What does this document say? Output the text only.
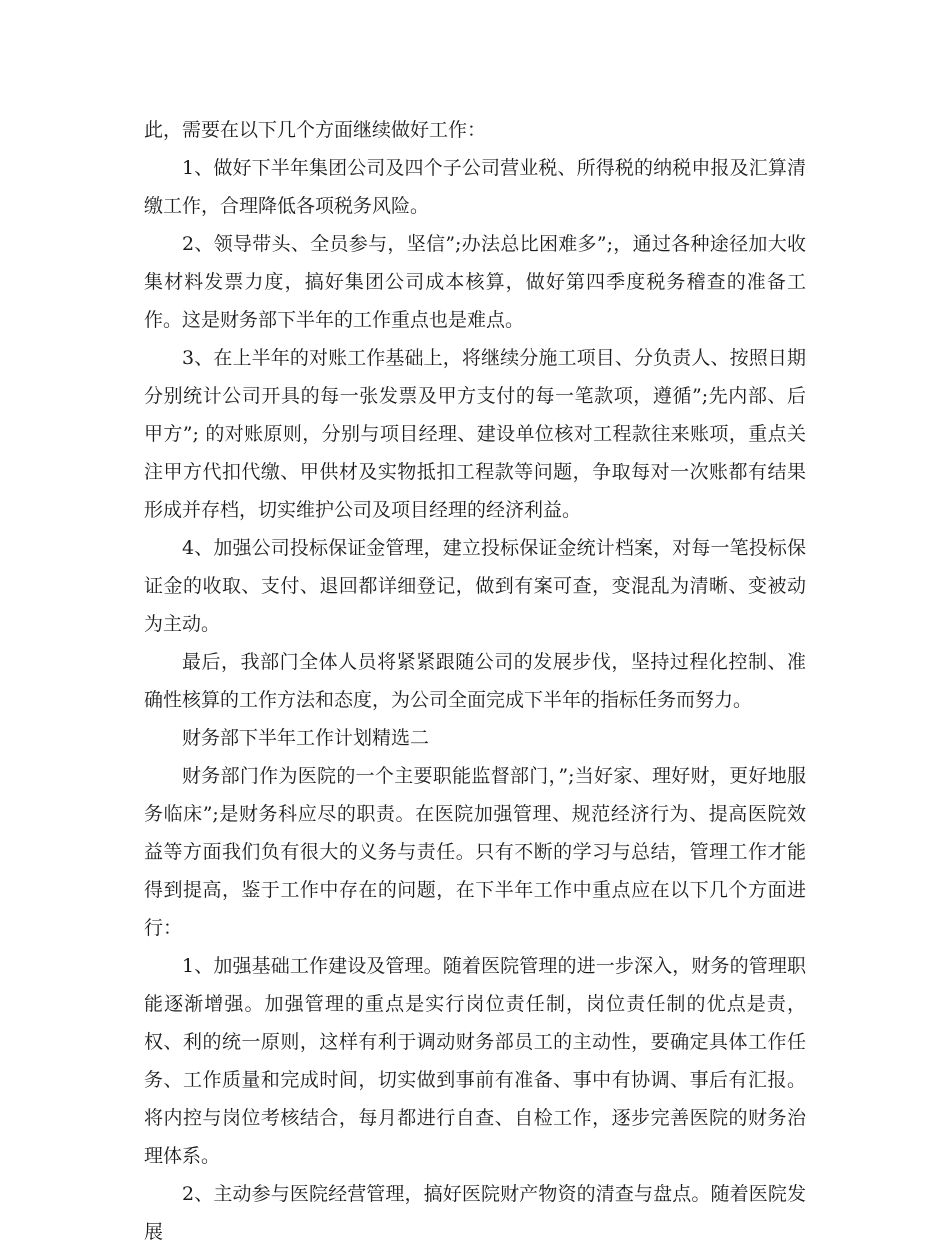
此，需要在以下几个方面继续做好工作：

1、做好下半年集团公司及四个子公司营业税、所得税的纳税申报及汇算清缴工作，合理降低各项税务风险。

2、领导带头、全员参与，坚信”;办法总比困难多”;，通过各种途径加大收集材料发票力度，搞好集团公司成本核算，做好第四季度税务稽查的准备工作。这是财务部下半年的工作重点也是难点。

3、在上半年的对账工作基础上，将继续分施工项目、分负责人、按照日期分别统计公司开具的每一张发票及甲方支付的每一笔款项，遵循”;先内部、后甲方”; 的对账原则，分别与项目经理、建设单位核对工程款往来账项，重点关注甲方代扣代缴、甲供材及实物抵扣工程款等问题，争取每对一次账都有结果形成并存档，切实维护公司及项目经理的经济利益。

4、加强公司投标保证金管理，建立投标保证金统计档案，对每一笔投标保证金的收取、支付、退回都详细登记，做到有案可查，变混乱为清晰、变被动为主动。

最后，我部门全体人员将紧紧跟随公司的发展步伐，坚持过程化控制、准确性核算的工作方法和态度，为公司全面完成下半年的指标任务而努力。

财务部下半年工作计划精选二

财务部门作为医院的一个主要职能监督部门，”;当好家、理好财，更好地服务临床”;是财务科应尽的职责。在医院加强管理、规范经济行为、提高医院效益等方面我们负有很大的义务与责任。只有不断的学习与总结，管理工作才能得到提高，鉴于工作中存在的问题，在下半年工作中重点应在以下几个方面进行：

1、加强基础工作建设及管理。随着医院管理的进一步深入，财务的管理职能逐渐增强。加强管理的重点是实行岗位责任制，岗位责任制的优点是责，权、利的统一原则，这样有利于调动财务部员工的主动性，要确定具体工作任务、工作质量和完成时间，切实做到事前有准备、事中有协调、事后有汇报。将内控与岗位考核结合，每月都进行自查、自检工作，逐步完善医院的财务治理体系。

2、主动参与医院经营管理，搞好医院财产物资的清查与盘点。随着医院发展
